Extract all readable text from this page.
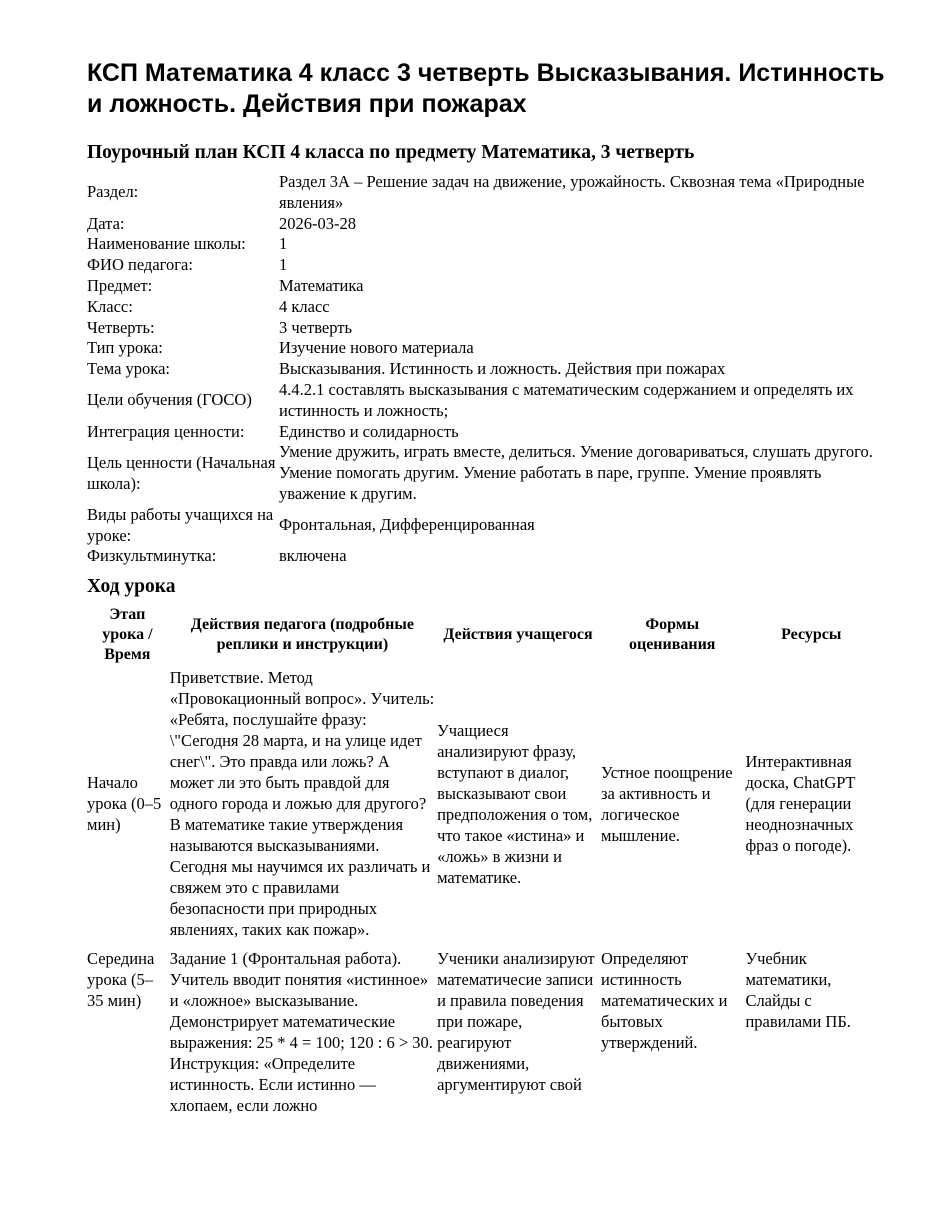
КСП Математика 4 класс 3 четверть Высказывания. Истинность и ложность. Действия при пожарах
Поурочный план КСП 4 класса по предмету Математика, 3 четверть
Раздел:	Раздел 3А – Решение задач на движение, урожайность. Сквозная тема «Природные явления»
Дата:	2026-03-28
Наименование школы:	1
ФИО педагога:	1
Предмет:	Математика
Класс:	4 класс
Четверть:	3 четверть
Тип урока:	Изучение нового материала
Тема урока:	Высказывания. Истинность и ложность. Действия при пожарах
Цели обучения (ГОСО)	4.4.2.1 составлять высказывания с математическим содержанием и определять их истинность и ложность;
Интеграция ценности:	Единство и солидарность
Цель ценности (Начальная школа):	Умение дружить, играть вместе, делиться. Умение договариваться, слушать другого. Умение помогать другим. Умение работать в паре, группе. Умение проявлять уважение к другим.
Виды работы учащихся на уроке:	Фронтальная, Дифференцированная
Физкультминутка:	включена
Ход урока
Этап урока / Время	Действия педагога (подробные реплики и инструкции)	Действия учащегося	Формы оценивания	Ресурсы
Начало урока (0–5 мин)	Приветствие. Метод «Провокационный вопрос». Учитель: «Ребята, послушайте фразу: \"Сегодня 28 марта, и на улице идет снег\". Это правда или ложь? А может ли это быть правдой для одного города и ложью для другого? В математике такие утверждения называются высказываниями. Сегодня мы научимся их различать и свяжем это с правилами безопасности при природных явлениях, таких как пожар».	Учащиеся анализируют фразу, вступают в диалог, высказывают свои предположения о том, что такое «истина» и «ложь» в жизни и математике.	Устное поощрение за активность и логическое мышление.	Интерактивная доска, ChatGPT (для генерации неоднозначных фраз о погоде).
Середина урока (5–35 мин)	Задание 1 (Фронтальная работа). Учитель вводит понятия «истинное» и «ложное» высказывание. Демонстрирует математические выражения: 25 * 4 = 100; 120 : 6 > 30. Инструкция: «Определите истинность. Если истинно — хлопаем, если ложно	Ученики анализируют математичесие записи и правила поведения при пожаре, реагируют движениями, аргументируют свой	Определяют истинность математических и бытовых утверждений.	Учебник математики, Слайды с правилами ПБ.
